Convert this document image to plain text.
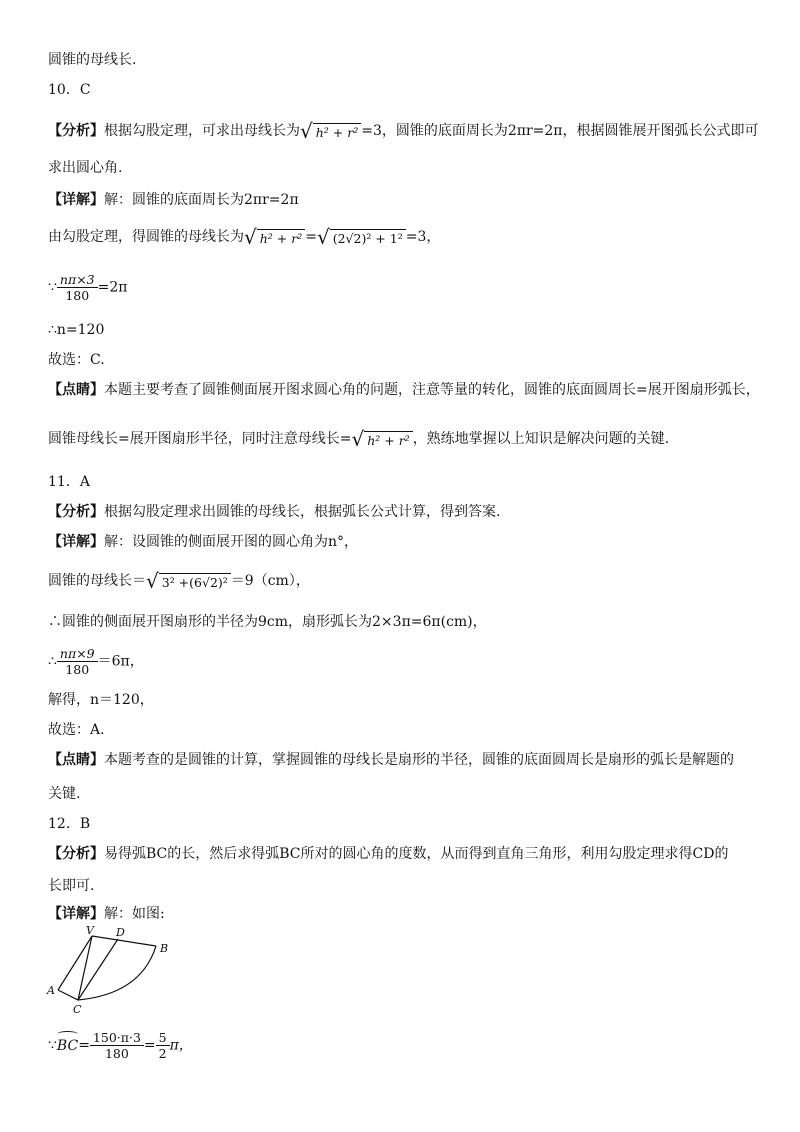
圆锥的母线长.
10．C
【分析】根据勾股定理，可求出母线长为 √ h² + r² =3，圆锥的底面周长为2πr=2π，根据圆锥展开图弧长公式即可
求出圆心角.
【详解】解：圆锥的底面周长为2πr=2π
由勾股定理，得圆锥的母线长为 √ h² + r² = √ (2√2)² + 1² =3，
∵ $\frac{n\pi\times 3}{180} =2\pi$
∴n=120
故选：C.
【点睛】本题主要考查了圆锥侧面展开图求圆心角的问题，注意等量的转化，圆锥的底面圆周长=展开图扇形弧长，
圆锥母线长=展开图扇形半径，同时注意母线长= √ h² + r² ，熟练地掌握以上知识是解决问题的关键.
11．A
【分析】根据勾股定理求出圆锥的母线长，根据弧长公式计算，得到答案.
【详解】解：设圆锥的侧面展开图的圆心角为n°，
圆锥的母线长＝ √ 3² +(6√2)² ＝9（cm），
∴圆锥的侧面展开图扇形的半径为9cm，扇形弧长为2×3π=6π(cm)，
∴ $\frac{n\pi\times 9}{180} =6\pi$，
解得，n＝120，
故选：A.
【点睛】本题考查的是圆锥的计算，掌握圆锥的母线长是扇形的半径，圆锥的底面圆周长是扇形的弧长是解题的
关键.
12．B
【分析】易得弧BC的长，然后求得弧BC所对的圆心角的度数，从而得到直角三角形，利用勾股定理求得CD的
长即可.
【详解】解：如图:
V D
B
A
C
∵
$BC= \frac{150\cdot\pi\cdot 3}{180} = \frac{5}{2}$ π，
